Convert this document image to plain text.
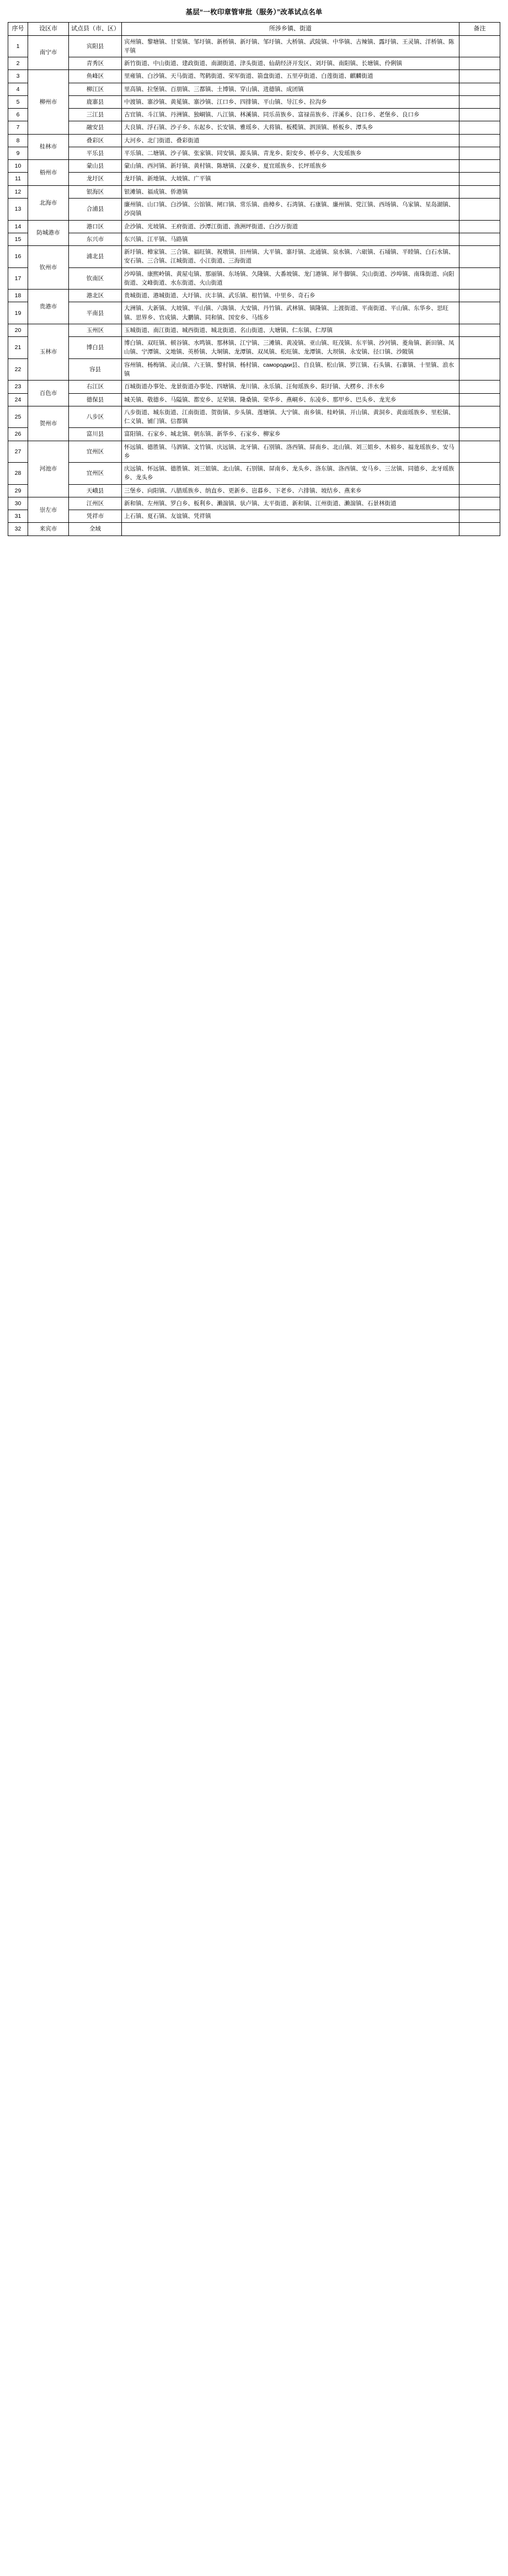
基层“一枚印章管审批（服务）”改革试点名单
序号	设区市	试点县（市、区）	所涉乡镇、街道	备注
1	南宁市	宾阳县	宾州镇、黎塘镇、甘棠镇、邹圩镇、新桥镇、新圩镇、邹圩镇、大桥镇、武陵镇、中华镇、古辣镇、露圩镇、王灵镇、洋桥镇、陈平镇	
2		青秀区	新竹街道、中山街道、建政街道、南湖街道、津头街道、仙葫经济开发区、刘圩镇、南阳镇、长塘镇、伶俐镇	
3	柳州市	鱼峰区	里雍镇、白沙镇、天马街道、驾鹤街道、荣军街道、箭盘街道、五里亭街道、白莲街道、麒麟街道	
4		柳江区	里高镇、拉堡镇、百朋镇、三都镇、土博镇、穿山镇、进德镇、成团镇	
5		鹿寨县	中渡镇、寨沙镇、黄冕镇、寨沙镇、江口乡、四排镇、平山镇、导江乡、拉沟乡	
6		三江县	古宜镇、斗江镇、丹洲镇、独峒镇、八江镇、林溪镇、同乐苗族乡、富禄苗族乡、洋溪乡、良口乡、老堡乡、良口乡	
7		融安县	大良镇、浮石镇、沙子乡、东起乡、长安镇、雅瑶乡、大将镇、板榄镇、泗顶镇、桥板乡、潭头乡	
8	桂林市	叠彩区	大河乡、北门街道、叠彩街道	
9		平乐县	平乐镇、二塘镇、沙子镇、张家镇、同安镇、源头镇、青龙乡、阳安乡、桥亭乡、大发瑶族乡	
10	梧州市	蒙山县	蒙山镇、西河镇、新圩镇、黄村镇、陈塘镇、汉豪乡、夏宜瑶族乡、长坪瑶族乡	
11		龙圩区	龙圩镇、新地镇、大坡镇、广平镇	
12	北海市	银海区	银滩镇、福成镇、侨港镇	
13		合浦县	廉州镇、山口镇、白沙镇、公馆镇、闸口镇、常乐镇、曲樟乡、石湾镇、石康镇、廉州镇、党江镇、西场镇、乌家镇、星岛湖镇、沙岗镇	
14	防城港市	港口区	企沙镇、光坡镇、王府街道、沙潭江街道、渔洲坪街道、白沙万街道	
15		东兴市	东兴镇、江平镇、马路镇	
16	钦州市	浦北县	新圩镇、樟家镇、三合镇、福旺镇、祝墩镇、旧州镇、大平镇、寨圩镇、北通镇、泉水镇、六硍镇、石埇镇、平睦镇、白石水镇、安石镇、三合镇、江城街道、小江街道、三海街道	
17		钦南区	沙埠镇、康熙岭镇、黄屋屯镇、那丽镇、东场镇、久隆镇、大番坡镇、龙门港镇、犀牛脚镇、尖山街道、沙埠镇、南珠街道、向阳街道、文峰街道、水东街道、火山街道	
18	贵港市	港北区	贵城街道、港城街道、大圩镇、庆丰镇、武乐镇、根竹镇、中里乡、奇石乡	
19		平南县	大洲镇、大新镇、大坡镇、平山镇、六陈镇、大安镇、丹竹镇、武林镇、镇隆镇、上渡街道、平南街道、平山镇、东华乡、思旺镇、思界乡、官成镇、大鹏镇、同和镇、国安乡、马练乡	
20	玉林市	玉州区	玉城街道、南江街道、城西街道、城北街道、名山街道、大塘镇、仁东镇、仁厚镇	
21		博白县	博白镇、双旺镇、顿谷镇、水鸣镇、那林镇、江宁镇、三滩镇、黄凌镇、亚山镇、旺茂镇、东平镇、沙河镇、菱角镇、新田镇、凤山镇、宁潭镇、文地镇、英桥镇、大垌镇、龙潭镇、双凤镇、松旺镇、龙潭镇、大坝镇、永安镇、径口镇、沙陂镇	
22		容县	容州镇、杨梅镇、灵山镇、六王镇、黎村镇、杨村镇、самородки县、自良镇、松山镇、罗江镇、石头镇、石寨镇、十里镇、浪水镇	
23	百色市	右江区	百城街道办事处、龙景街道办事处、四塘镇、龙川镇、永乐镇、汪甸瑶族乡、阳圩镇、大楞乡、泮水乡	
24		德保县	城关镇、敬德乡、马隘镇、都安乡、足荣镇、隆桑镇、荣华乡、燕峒乡、东凌乡、那甲乡、巴头乡、龙光乡	
25	贺州市	八步区	八步街道、城东街道、江南街道、贺街镇、步头镇、莲塘镇、大宁镇、南乡镇、桂岭镇、开山镇、黄洞乡、黄面瑶族乡、里松镇、仁义镇、铺门镇、信都镇	
26		富川县	富阳镇、石家乡、城北镇、朝东镇、新华乡、石家乡、柳家乡	
27	河池市	宜州区	怀远镇、德胜镇、马泗镇、文竹镇、庆远镇、北牙镇、石别镇、洛西镇、屏南乡、北山镇、刘三姐乡、木棉乡、福龙瑶族乡、安马乡	
28		宜州区	庆远镇、怀远镇、德胜镇、刘三姐镇、北山镇、石别镇、屏南乡、龙头乡、洛东镇、洛西镇、安马乡、三岔镇、同德乡、北牙瑶族乡、龙头乡	
29		天峨县	三堡乡、向阳镇、八腊瑶族乡、纳直乡、更新乡、岜暮乡、下老乡、六排镇、坡结乡、燕来乡	
30	崇左市	江州区	新和镇、左州镇、罗白乡、板利乡、濑湍镇、驮卢镇、太平街道、新和镇、江州街道、濑湍镇、石景林街道	
31		凭祥市	上石镇、夏石镇、友谊镇、凭祥镇	
32	来宾市	全域		
